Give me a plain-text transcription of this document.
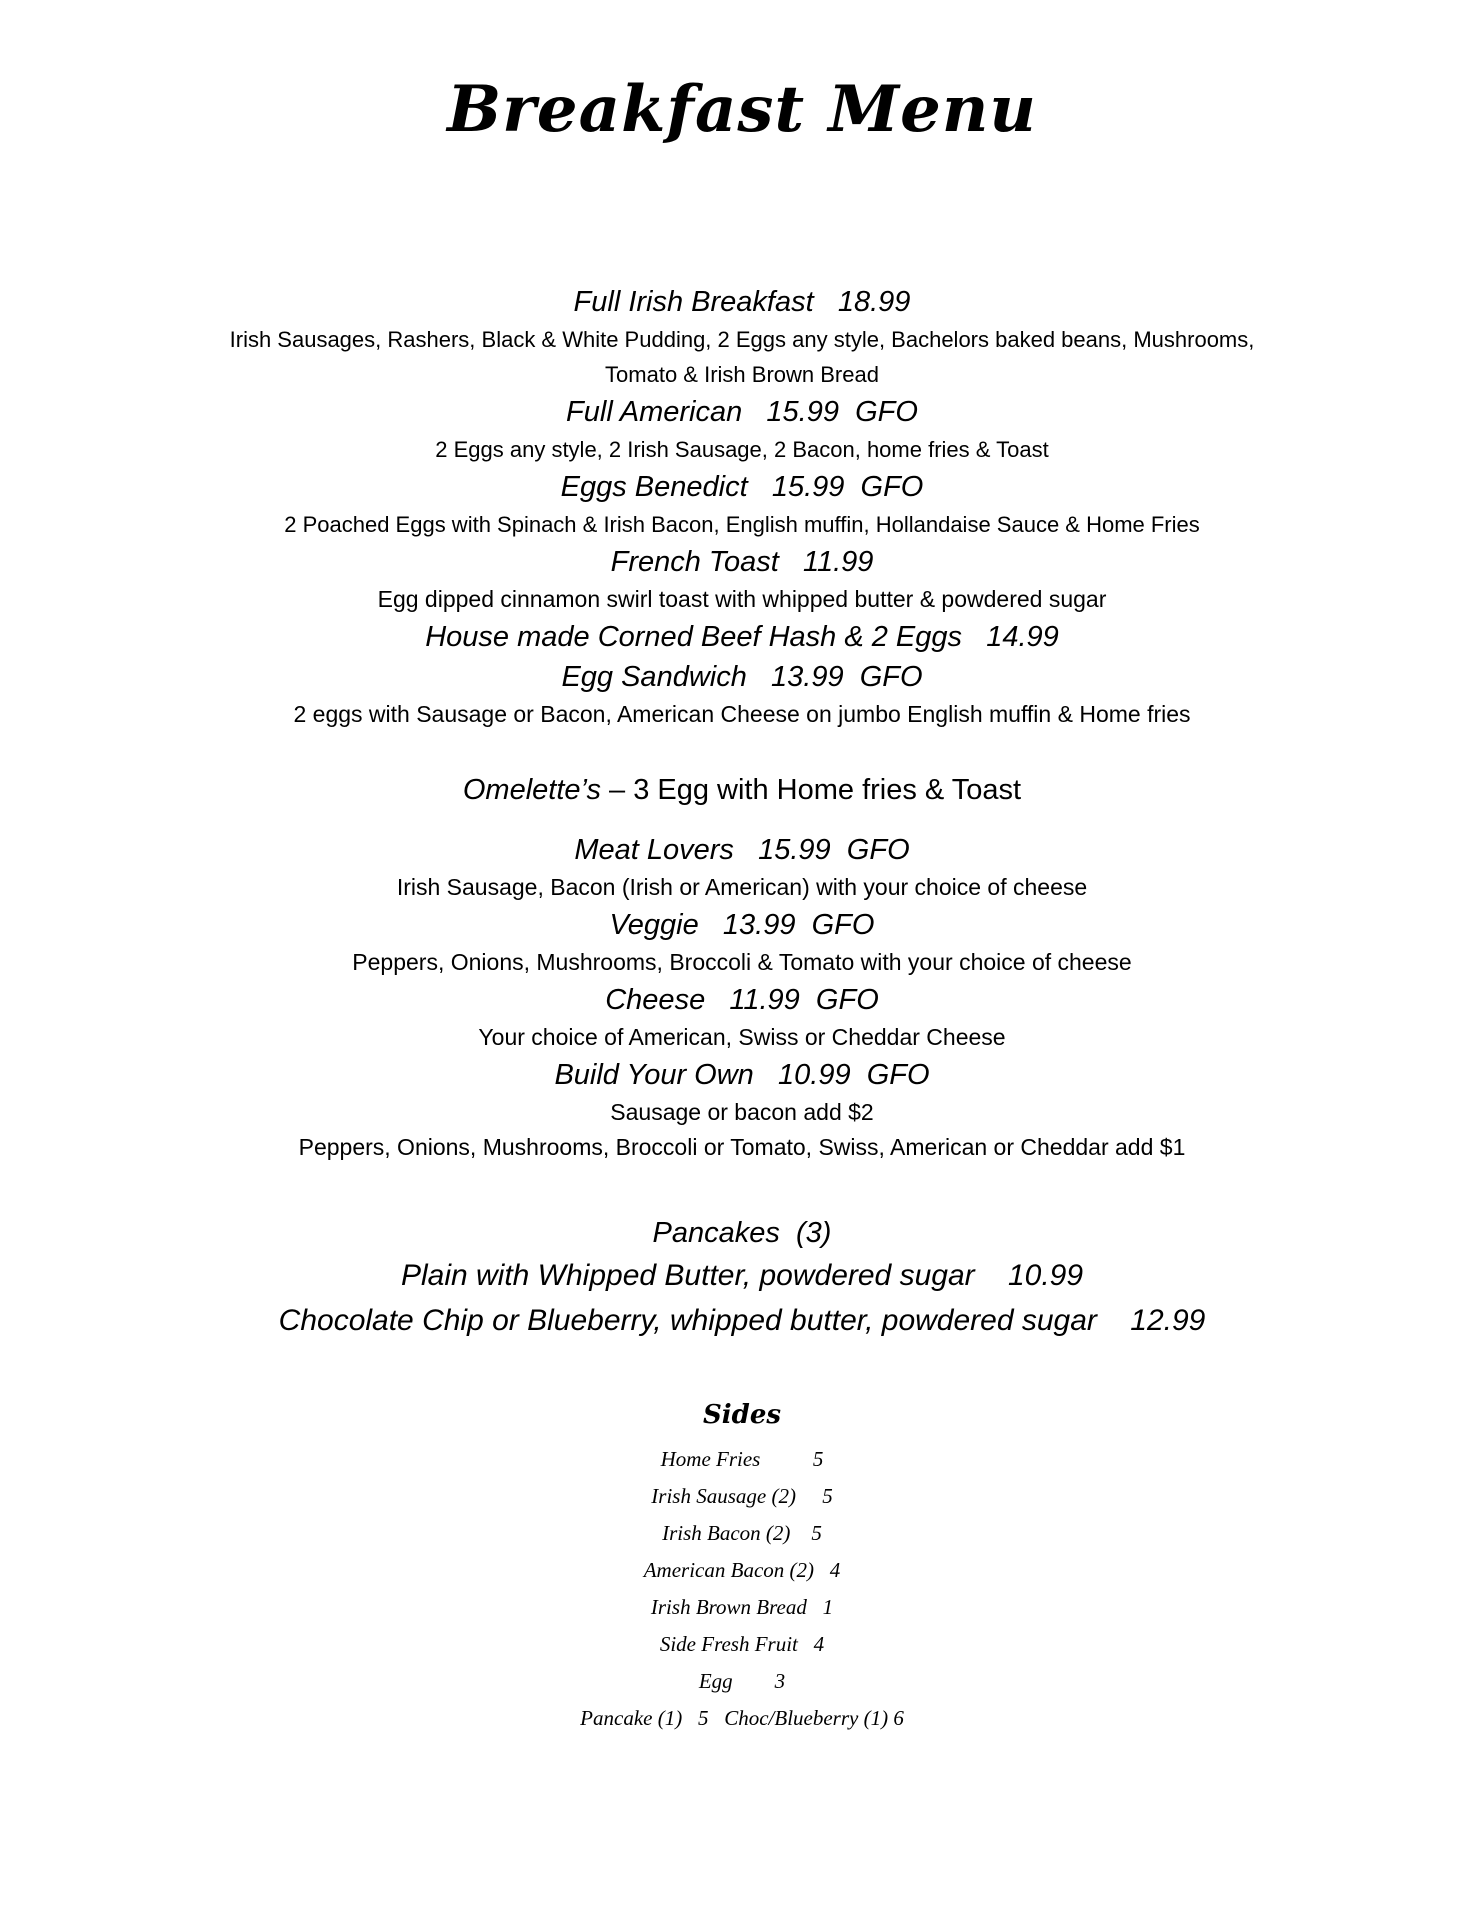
Breakfast Menu

Full Irish Breakfast 18.99

Irish Sausages, Rashers, Black & White Pudding, 2 Eggs any style, Bachelors baked beans, Mushrooms, Tomato & Irish Brown Bread

Full American 15.99 GFO

2 Eggs any style, 2 Irish Sausage, 2 Bacon, home fries & Toast

Eggs Benedict 15.99 GFO

2 Poached Eggs with Spinach & Irish Bacon, English muffin, Hollandaise Sauce & Home Fries

French Toast 11.99

Egg dipped cinnamon swirl toast with whipped butter & powdered sugar

House made Corned Beef Hash & 2 Eggs 14.99

Egg Sandwich 13.99 GFO

2 eggs with Sausage or Bacon, American Cheese on jumbo English muffin & Home fries

Omelette’s – 3 Egg with Home fries & Toast

Meat Lovers 15.99 GFO

Irish Sausage, Bacon (Irish or American) with your choice of cheese

Veggie 13.99 GFO

Peppers, Onions, Mushrooms, Broccoli & Tomato with your choice of cheese

Cheese 11.99 GFO

Your choice of American, Swiss or Cheddar Cheese

Build Your Own 10.99 GFO

Sausage or bacon add $2

Peppers, Onions, Mushrooms, Broccoli or Tomato, Swiss, American or Cheddar add $1

Pancakes  (3)

Plain with Whipped Butter, powdered sugar 10.99

Chocolate Chip or Blueberry, whipped butter, powdered sugar 12.99

Sides

Home Fries	5

Irish Sausage (2) 5

Irish Bacon (2) 5

American Bacon (2) 4

Irish Brown Bread 1

Side Fresh Fruit 4

Egg 3

Pancake (1)   5   Choc/Blueberry (1) 6
